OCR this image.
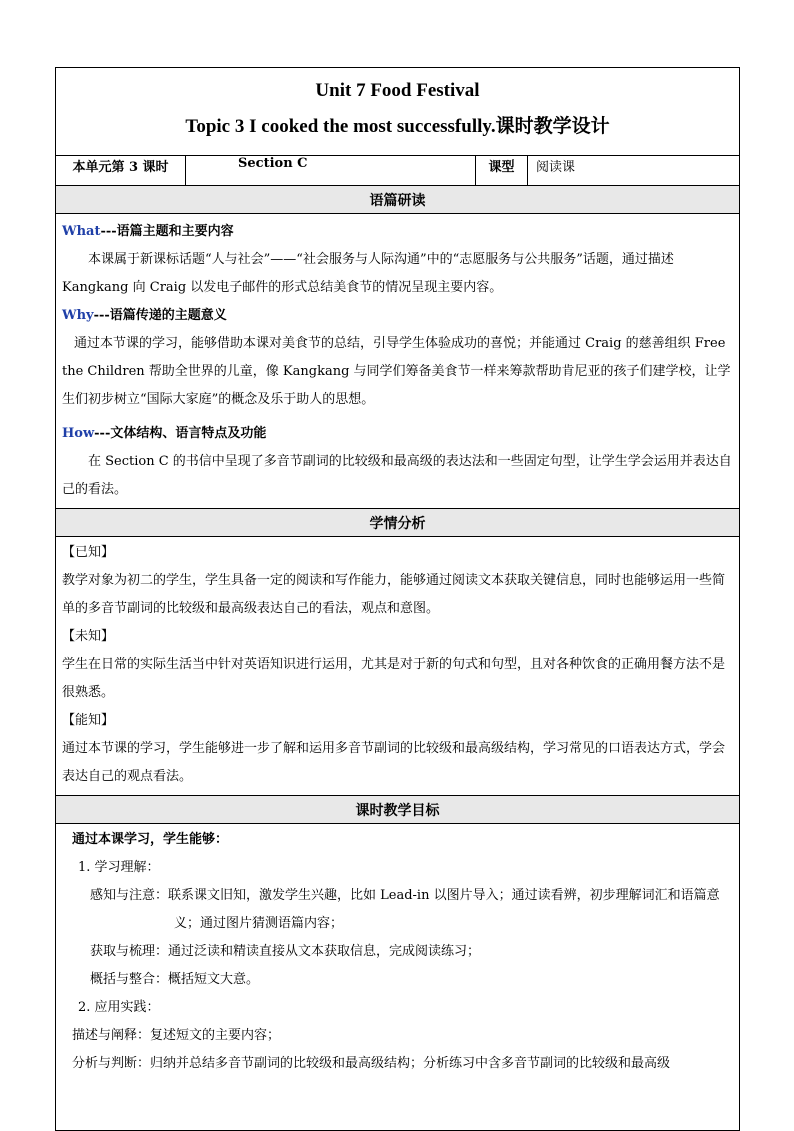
Unit 7 Food Festival
Topic 3 I cooked the most successfully.课时教学设计

本单元第 3 课时	Section C	课型	阅读课
语篇研读

What---语篇主题和主要内容

本课属于新课标话题“人与社会”——“社会服务与人际沟通”中的“志愿服务与公共服务”话题，通过描述 Kangkang 向 Craig 以发电子邮件的形式总结美食节的情况呈现主要内容。

Why---语篇传递的主题意义

通过本节课的学习，能够借助本课对美食节的总结，引导学生体验成功的喜悦；并能通过 Craig 的慈善组织 Free the Children 帮助全世界的儿童，像 Kangkang 与同学们筹备美食节一样来筹款帮助肯尼亚的孩子们建学校，让学生们初步树立“国际大家庭”的概念及乐于助人的思想。

How---文体结构、语言特点及功能

在 Section C 的书信中呈现了多音节副词的比较级和最高级的表达法和一些固定句型，让学生学会运用并表达自己的看法。

学情分析

【已知】

教学对象为初二的学生，学生具备一定的阅读和写作能力，能够通过阅读文本获取关键信息，同时也能够运用一些简单的多音节副词的比较级和最高级表达自己的看法，观点和意图。

【未知】

学生在日常的实际生活当中针对英语知识进行运用，尤其是对于新的句式和句型，且对各种饮食的正确用餐方法不是很熟悉。

【能知】

通过本节课的学习，学生能够进一步了解和运用多音节副词的比较级和最高级结构，学习常见的口语表达方式，学会表达自己的观点看法。

课时教学目标

通过本课学习，学生能够：

1. 学习理解：

感知与注意：联系课文旧知，激发学生兴趣，比如 Lead-in 以图片导入；通过读看辨，初步理解词汇和语篇意义；通过图片猜测语篇内容；

获取与梳理：通过泛读和精读直接从文本获取信息，完成阅读练习；

概括与整合：概括短文大意。

2. 应用实践：

描述与阐释：复述短文的主要内容；

分析与判断：归纳并总结多音节副词的比较级和最高级结构；分析练习中含多音节副词的比较级和最高级
